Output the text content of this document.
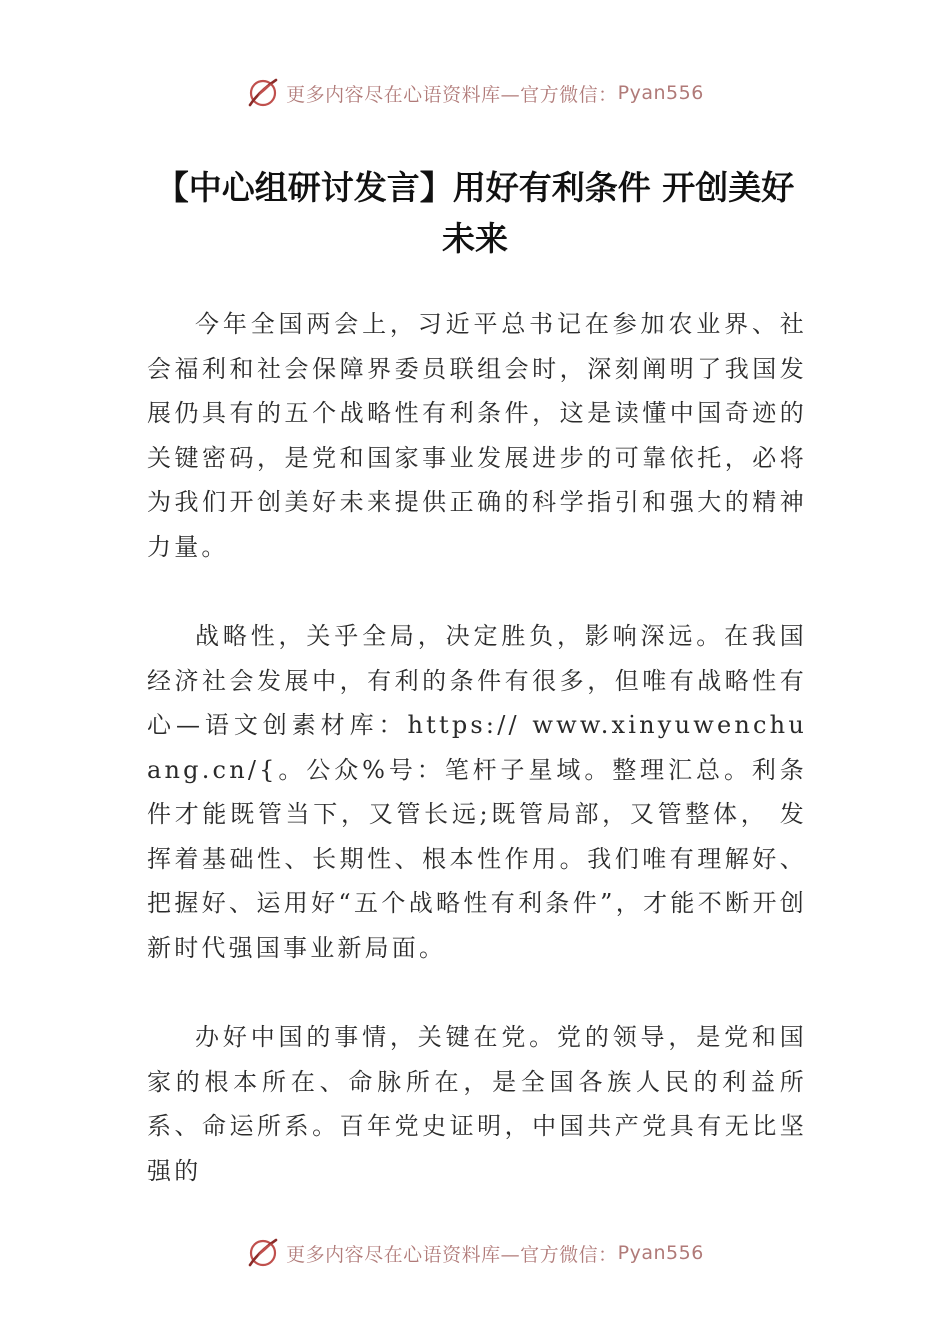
更多内容尽在心语资料库—官方微信： Pyan556
【中心组研讨发言】用好有利条件 开创美好未来

今年全国两会上，习近平总书记在参加农业界、社会福利和社会保障界委员联组会时，深刻阐明了我国发展仍具有的五个战略性有利条件，这是读懂中国奇迹的关键密码，是党和国家事业发展进步的可靠依托，必将为我们开创美好未来提供正确的科学指引和强大的精神力量。

战略性，关乎全局，决定胜负，影响深远。在我国经济社会发展中，有利的条件有很多，但唯有战略性有心—语文创素材库：https:// www.xinyuwenchuang.cn/{。公众%号：笔杆子星域。整理汇总。利条件才能既管当下，又管长远;既管局部，又管整体， 发挥着基础性、长期性、根本性作用。我们唯有理解好、把握好、运用好“五个战略性有利条件”，才能不断开创新时代强国事业新局面。

办好中国的事情，关键在党。党的领导，是党和国家的根本所在、命脉所在，是全国各族人民的利益所系、命运所系。百年党史证明，中国共产党具有无比坚强的

更多内容尽在心语资料库—官方微信： Pyan556
